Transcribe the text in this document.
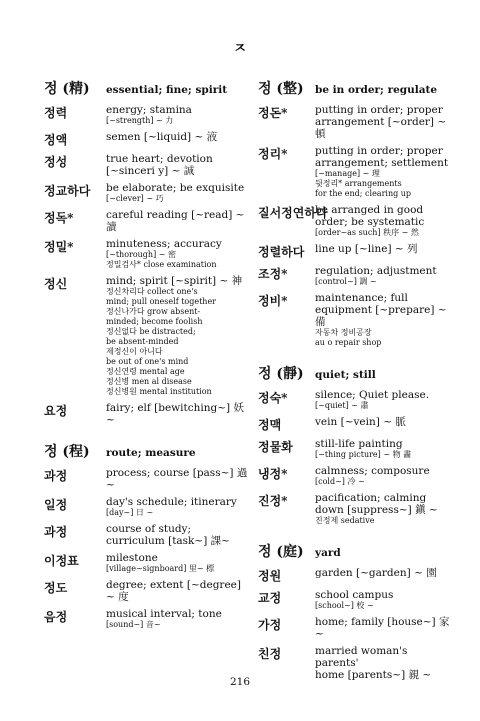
ㅈ
정 (精)	essential; fine; spirit
정력	energy; stamina
[~strength] ~ 力
정액	semen [~liquid] ~ 液
정성	true heart; devotion
[~sinceri y] ~ 誠
정교하다	be elaborate; be exquisite
[~clever] ~ 巧
정독*	careful reading [~read] ~ 讀
정밀*	minuteness; accuracy
[~thorough] ~ 密
정밀검사* close examination
정신	mind; spirit [~spirit] ~ 神
정신차리다 collect one's
mind; pull oneself together
정신나가다 grow absent-
minded; become foolish
정신없다 be distracted;
be absent-minded
제정신이 아니다
be out of one's mind
정신연령 mental age
정신병 men al disease
정신병원 mental institution
요정	fairy; elf [bewitching~] 妖~
정 (程)	route; measure
과정	process; course [pass~] 過~
일정	day's schedule; itinerary
[day~] 日 ~
과정	course of study;
curriculum [task~] 課~
이정표	milestone
[village~signboard] 里~ 標
정도	degree; extent [~degree] ~ 度
음정	musical interval; tone
[sound~] 音~
정 (整)	be in order; regulate
정돈*	putting in order; proper
arrangement [~order] ~ 頓
정리*	putting in order; proper
arrangement; settlement
[~manage] ~ 理
뒷정리* arrangements
for the end; clearing up
질서정연하다
be arranged in good
order; be systematic
[order~as such] 秩序 ~ 然
정렬하다	line up [~line] ~ 列
조정*	regulation; adjustment
[control~] 調 ~
정비*	maintenance; full
equipment [~prepare] ~ 備
자동차 정비공장
au o repair shop
정 (靜)	quiet; still
정숙*	silence; Quiet please.
[~quiet] ~ 肅
정맥	vein [~vein] ~ 脈
정물화	still-life painting
[~thing picture] ~ 物 畵
냉정*	calmness; composure
[cold~] 冷 ~
진정*	pacification; calming
down [suppress~] 鎭 ~
진정제 sedative
정 (庭)	yard
정원	garden [~garden] ~ 園
교정	school campus
[school~] 校 ~
가정	home; family [house~] 家 ~
친정	married woman's parents'
home [parents~] 親 ~
216
